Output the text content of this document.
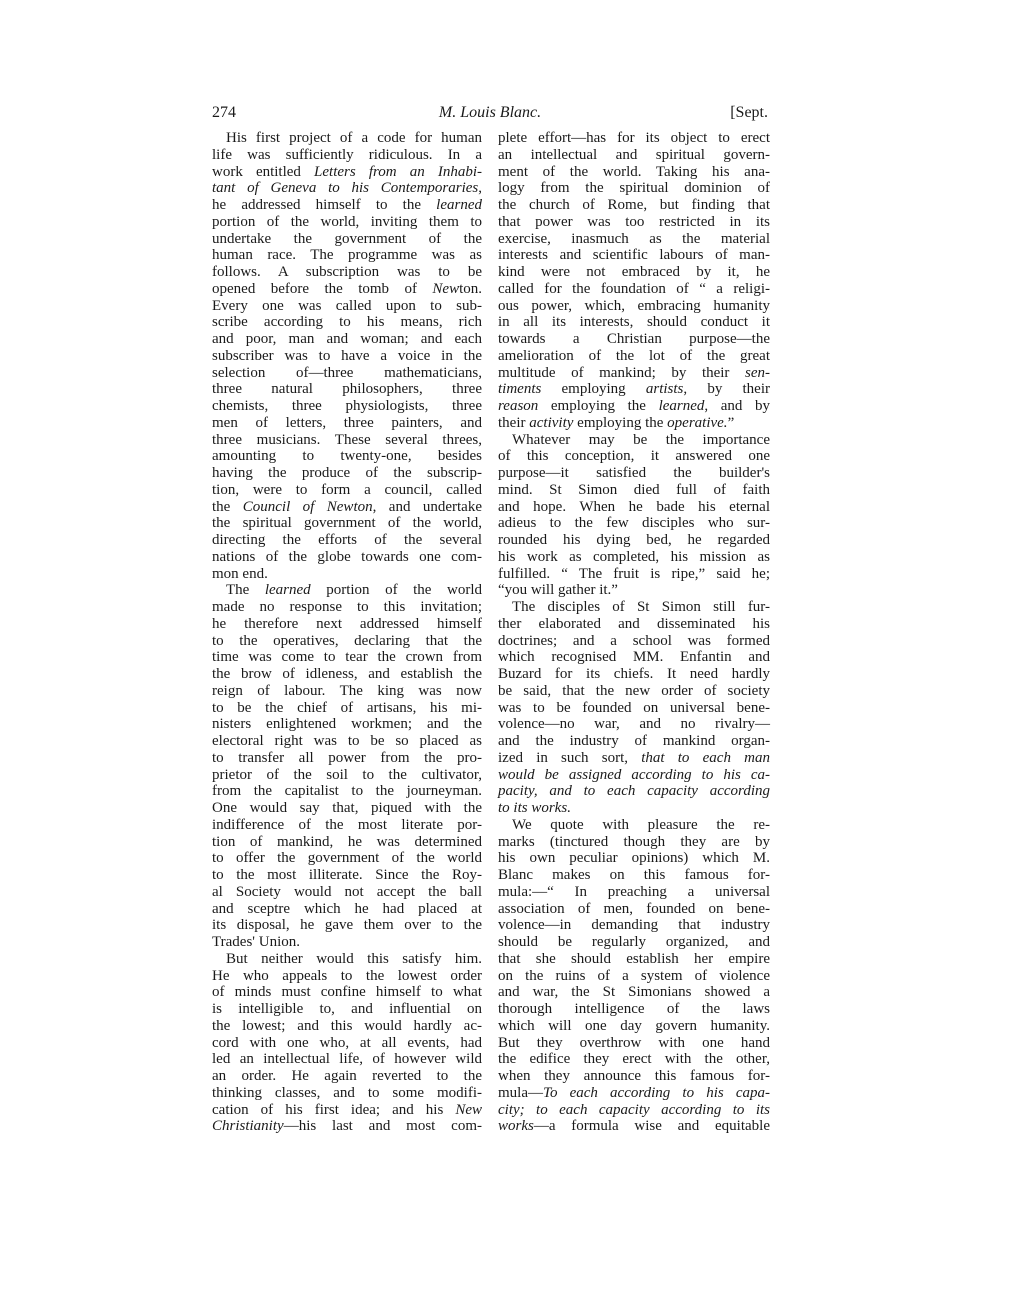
274	M. Louis Blanc.	[Sept.
His first project of a code for human
life was sufficiently ridiculous. In a
work entitled Letters from an Inhabi-
tant of Geneva to his Contemporaries,
he addressed himself to the learned
portion of the world, inviting them to
undertake the government of the
human race. The programme was as
follows. A subscription was to be
opened before the tomb of Newton.
Every one was called upon to sub-
scribe according to his means, rich
and poor, man and woman; and each
subscriber was to have a voice in the
selection of—three mathematicians,
three natural philosophers, three
chemists, three physiologists, three
men of letters, three painters, and
three musicians. These several threes,
amounting to twenty-one, besides
having the produce of the subscrip-
tion, were to form a council, called
the Council of Newton, and undertake
the spiritual government of the world,
directing the efforts of the several
nations of the globe towards one com-
mon end.
The learned portion of the world
made no response to this invitation;
he therefore next addressed himself
to the operatives, declaring that the
time was come to tear the crown from
the brow of idleness, and establish the
reign of labour. The king was now
to be the chief of artisans, his mi-
nisters enlightened workmen; and the
electoral right was to be so placed as
to transfer all power from the pro-
prietor of the soil to the cultivator,
from the capitalist to the journeyman.
One would say that, piqued with the
indifference of the most literate por-
tion of mankind, he was determined
to offer the government of the world
to the most illiterate. Since the Roy-
al Society would not accept the ball
and sceptre which he had placed at
its disposal, he gave them over to the
Trades' Union.
But neither would this satisfy him.
He who appeals to the lowest order
of minds must confine himself to what
is intelligible to, and influential on
the lowest; and this would hardly ac-
cord with one who, at all events, had
led an intellectual life, of however wild
an order. He again reverted to the
thinking classes, and to some modifi-
cation of his first idea; and his New
Christianity—his last and most com-
plete effort—has for its object to erect
an intellectual and spiritual govern-
ment of the world. Taking his ana-
logy from the spiritual dominion of
the church of Rome, but finding that
that power was too restricted in its
exercise, inasmuch as the material
interests and scientific labours of man-
kind were not embraced by it, he
called for the foundation of “ a religi-
ous power, which, embracing humanity
in all its interests, should conduct it
towards a Christian purpose—the
amelioration of the lot of the great
multitude of mankind; by their sen-
timents employing artists, by their
reason employing the learned, and by
their activity employing the operative.”
Whatever may be the importance
of this conception, it answered one
purpose—it satisfied the builder's
mind. St Simon died full of faith
and hope. When he bade his eternal
adieus to the few disciples who sur-
rounded his dying bed, he regarded
his work as completed, his mission as
fulfilled. “ The fruit is ripe,” said he;
“you will gather it.”
The disciples of St Simon still fur-
ther elaborated and disseminated his
doctrines; and a school was formed
which recognised MM. Enfantin and
Buzard for its chiefs. It need hardly
be said, that the new order of society
was to be founded on universal bene-
volence—no war, and no rivalry—
and the industry of mankind organ-
ized in such sort, that to each man
would be assigned according to his ca-
pacity, and to each capacity according
to its works.
We quote with pleasure the re-
marks (tinctured though they are by
his own peculiar opinions) which M.
Blanc makes on this famous for-
mula:—“ In preaching a universal
association of men, founded on bene-
volence—in demanding that industry
should be regularly organized, and
that she should establish her empire
on the ruins of a system of violence
and war, the St Simonians showed a
thorough intelligence of the laws
which will one day govern humanity.
But they overthrow with one hand
the edifice they erect with the other,
when they announce this famous for-
mula—To each according to his capa-
city; to each capacity according to its
works—a formula wise and equitable
